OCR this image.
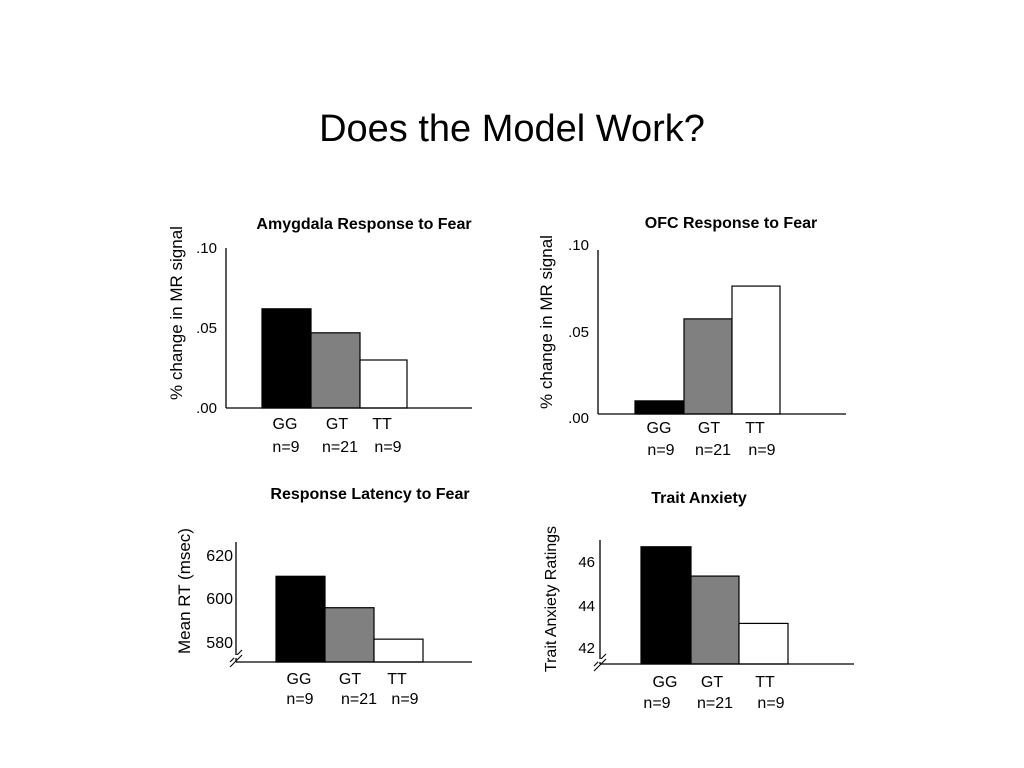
Does the Model Work?
Amygdala Response to Fear
% change in MR signal .10
.05
.00
GG GT TT
n=9 n=21 n=9
OFC Response to Fear
% change in MR signal .10
.05
.00
GG GT TT
n=9 n=21 n=9
Response Latency to Fear
Mean RT (msec) 620
600
580
GG GT TT
n=9 n=21 n=9
Trait Anxiety
Trait Anxiety Ratings 46
44
42
GG GT TT
n=9 n=21 n=9
